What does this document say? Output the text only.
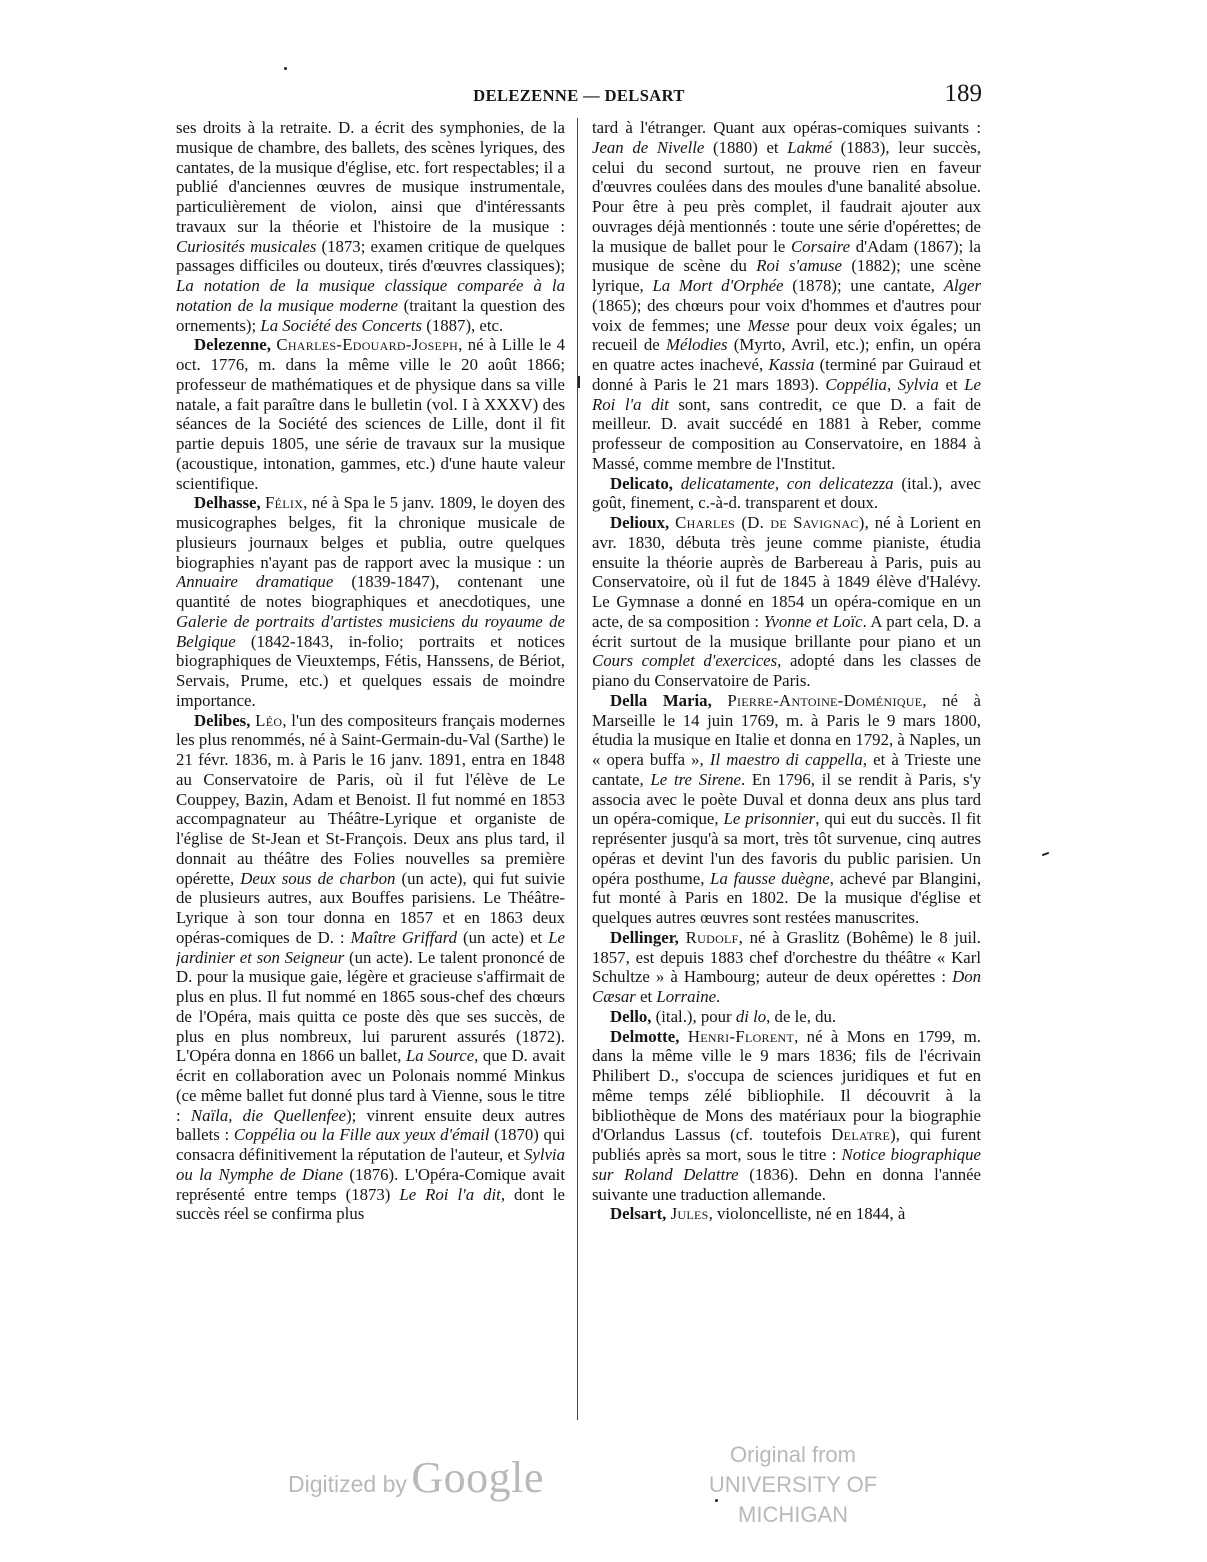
DELEZENNE — DELSART	189

ses droits à la retraite. D. a écrit des symphonies, de la musique de chambre, des ballets, des scènes lyriques, des cantates, de la musique d'église, etc. fort respectables; il a publié d'anciennes œuvres de musique instrumentale, particulièrement de violon, ainsi que d'intéressants travaux sur la théorie et l'histoire de la musique : Curiosités musicales (1873; examen critique de quelques passages difficiles ou douteux, tirés d'œuvres classiques); La notation de la musique classique comparée à la notation de la musique moderne (traitant la question des ornements); La Société des Concerts (1887), etc.

Delezenne, Charles-Edouard-Joseph, né à Lille le 4 oct. 1776, m. dans la même ville le 20 août 1866; professeur de mathématiques et de physique dans sa ville natale, a fait paraître dans le bulletin (vol. I à XXXV) des séances de la Société des sciences de Lille, dont il fit partie depuis 1805, une série de travaux sur la musique (acoustique, intonation, gammes, etc.) d'une haute valeur scientifique.

Delhasse, Félix, né à Spa le 5 janv. 1809, le doyen des musicographes belges, fit la chronique musicale de plusieurs journaux belges et publia, outre quelques biographies n'ayant pas de rapport avec la musique : un Annuaire dramatique (1839-1847), contenant une quantité de notes biographiques et anecdotiques, une Galerie de portraits d'artistes musiciens du royaume de Belgique (1842-1843, in-folio; portraits et notices biographiques de Vieuxtemps, Fétis, Hanssens, de Bériot, Servais, Prume, etc.) et quelques essais de moindre importance.

Delibes, Léo, l'un des compositeurs français modernes les plus renommés, né à Saint-Germain-du-Val (Sarthe) le 21 févr. 1836, m. à Paris le 16 janv. 1891, entra en 1848 au Conservatoire de Paris, où il fut l'élève de Le Couppey, Bazin, Adam et Benoist. Il fut nommé en 1853 accompagnateur au Théâtre-Lyrique et organiste de l'église de St-Jean et St-François. Deux ans plus tard, il donnait au théâtre des Folies nouvelles sa première opérette, Deux sous de charbon (un acte), qui fut suivie de plusieurs autres, aux Bouffes parisiens. Le Théâtre-Lyrique à son tour donna en 1857 et en 1863 deux opéras-comiques de D. : Maître Griffard (un acte) et Le jardinier et son Seigneur (un acte). Le talent prononcé de D. pour la musique gaie, légère et gracieuse s'affirmait de plus en plus. Il fut nommé en 1865 sous-chef des chœurs de l'Opéra, mais quitta ce poste dès que ses succès, de plus en plus nombreux, lui parurent assurés (1872). L'Opéra donna en 1866 un ballet, La Source, que D. avait écrit en collaboration avec un Polonais nommé Minkus (ce même ballet fut donné plus tard à Vienne, sous le titre : Naïla, die Quellenfee); vinrent ensuite deux autres ballets : Coppélia ou la Fille aux yeux d'émail (1870) qui consacra définitivement la réputation de l'auteur, et Sylvia ou la Nymphe de Diane (1876). L'Opéra-Comique avait représenté entre temps (1873) Le Roi l'a dit, dont le succès réel se confirma plus

tard à l'étranger. Quant aux opéras-comiques suivants : Jean de Nivelle (1880) et Lakmé (1883), leur succès, celui du second surtout, ne prouve rien en faveur d'œuvres coulées dans des moules d'une banalité absolue. Pour être à peu près complet, il faudrait ajouter aux ouvrages déjà mentionnés : toute une série d'opérettes; de la musique de ballet pour le Corsaire d'Adam (1867); la musique de scène du Roi s'amuse (1882); une scène lyrique, La Mort d'Orphée (1878); une cantate, Alger (1865); des chœurs pour voix d'hommes et d'autres pour voix de femmes; une Messe pour deux voix égales; un recueil de Mélodies (Myrto, Avril, etc.); enfin, un opéra en quatre actes inachevé, Kassia (terminé par Guiraud et donné à Paris le 21 mars 1893). Coppélia, Sylvia et Le Roi l'a dit sont, sans contredit, ce que D. a fait de meilleur. D. avait succédé en 1881 à Reber, comme professeur de composition au Conservatoire, en 1884 à Massé, comme membre de l'Institut.

Delicato, delicatamente, con delicatezza (ital.), avec goût, finement, c.-à-d. transparent et doux.

Delioux, Charles (D. de Savignac), né à Lorient en avr. 1830, débuta très jeune comme pianiste, étudia ensuite la théorie auprès de Barbereau à Paris, puis au Conservatoire, où il fut de 1845 à 1849 élève d'Halévy. Le Gymnase a donné en 1854 un opéra-comique en un acte, de sa composition : Yvonne et Loïc. A part cela, D. a écrit surtout de la musique brillante pour piano et un Cours complet d'exercices, adopté dans les classes de piano du Conservatoire de Paris.

Della Maria, Pierre-Antoine-Doménique, né à Marseille le 14 juin 1769, m. à Paris le 9 mars 1800, étudia la musique en Italie et donna en 1792, à Naples, un « opera buffa », Il maestro di cappella, et à Trieste une cantate, Le tre Sirene. En 1796, il se rendit à Paris, s'y associa avec le poète Duval et donna deux ans plus tard un opéra-comique, Le prisonnier, qui eut du succès. Il fit représenter jusqu'à sa mort, très tôt survenue, cinq autres opéras et devint l'un des favoris du public parisien. Un opéra posthume, La fausse duègne, achevé par Blangini, fut monté à Paris en 1802. De la musique d'église et quelques autres œuvres sont restées manuscrites.

Dellinger, Rudolf, né à Graslitz (Bohême) le 8 juil. 1857, est depuis 1883 chef d'orchestre du théâtre « Karl Schultze » à Hambourg; auteur de deux opérettes : Don Cæsar et Lorraine.

Dello, (ital.), pour di lo, de le, du.

Delmotte, Henri-Florent, né à Mons en 1799, m. dans la même ville le 9 mars 1836; fils de l'écrivain Philibert D., s'occupa de sciences juridiques et fut en même temps zélé bibliophile. Il découvrit à la bibliothèque de Mons des matériaux pour la biographie d'Orlandus Lassus (cf. toutefois Delatre), qui furent publiés après sa mort, sous le titre : Notice biographique sur Roland Delattre (1836). Dehn en donna l'année suivante une traduction allemande.

Delsart, Jules, violoncelliste, né en 1844, à

Digitized by Google	Original from
UNIVERSITY OF MICHIGAN
